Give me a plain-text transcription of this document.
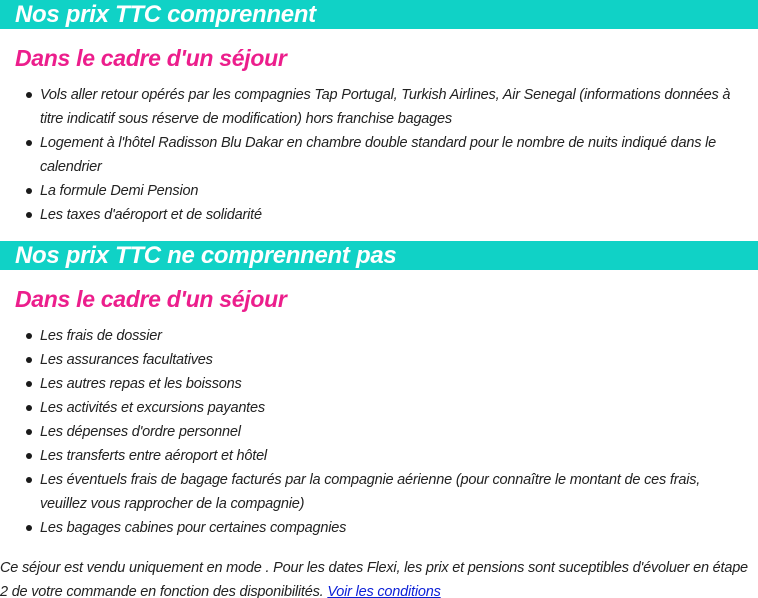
Nos prix TTC comprennent
Dans le cadre d'un séjour
Vols aller retour opérés par les compagnies Tap Portugal, Turkish Airlines, Air Senegal (informations données à titre indicatif sous réserve de modification) hors franchise bagages
Logement à l'hôtel Radisson Blu Dakar en chambre double standard pour le nombre de nuits indiqué dans le calendrier
La formule Demi Pension
Les taxes d'aéroport et de solidarité
Nos prix TTC ne comprennent pas
Dans le cadre d'un séjour
Les frais de dossier
Les assurances facultatives
Les autres repas et les boissons
Les activités et excursions payantes
Les dépenses d'ordre personnel
Les transferts entre aéroport et hôtel
Les éventuels frais de bagage facturés par la compagnie aérienne (pour connaître le montant de ces frais, veuillez vous rapprocher de la compagnie)
Les bagages cabines pour certaines compagnies

Ce séjour est vendu uniquement en mode . Pour les dates Flexi, les prix et pensions sont suceptibles d'évoluer en étape 2 de votre commande en fonction des disponibilités. Voir les conditions
